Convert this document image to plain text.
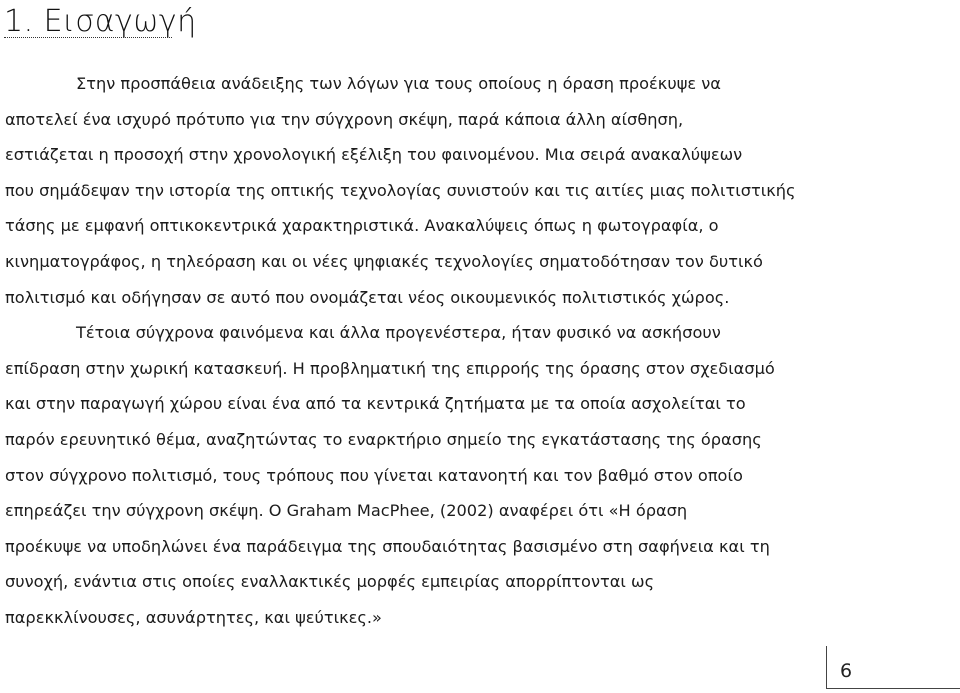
1. Εισαγωγή
Στην προσπάθεια ανάδειξης των λόγων για τους οποίους η όραση προέκυψε να
αποτελεί ένα ισχυρό πρότυπο για την σύγχρονη σκέψη, παρά κάποια άλλη αίσθηση,
εστιάζεται η προσοχή στην χρονολογική εξέλιξη του φαινομένου. Μια σειρά ανακαλύψεων
που σημάδεψαν την ιστορία της οπτικής τεχνολογίας συνιστούν και τις αιτίες μιας πολιτιστικής
τάσης με εμφανή οπτικοκεντρικά χαρακτηριστικά. Ανακαλύψεις όπως η φωτογραφία, ο
κινηματογράφος, η τηλεόραση και οι νέες ψηφιακές τεχνολογίες σηματοδότησαν τον δυτικό
πολιτισμό και οδήγησαν σε αυτό που ονομάζεται νέος οικουμενικός πολιτιστικός χώρος.
Τέτοια σύγχρονα φαινόμενα και άλλα προγενέστερα, ήταν φυσικό να ασκήσουν
επίδραση στην χωρική κατασκευή. Η προβληματική της επιρροής της όρασης στον σχεδιασμό
και στην παραγωγή χώρου είναι ένα από τα κεντρικά ζητήματα με τα οποία ασχολείται το
παρόν ερευνητικό θέμα, αναζητώντας το εναρκτήριο σημείο της εγκατάστασης της όρασης
στον σύγχρονο πολιτισμό, τους τρόπους που γίνεται κατανοητή και τον βαθμό στον οποίο
επηρεάζει την σύγχρονη σκέψη. Ο Graham MacPhee, (2002) αναφέρει ότι «Η όραση
προέκυψε να υποδηλώνει ένα παράδειγμα της σπουδαιότητας βασισμένο στη σαφήνεια και τη
συνοχή, ενάντια στις οποίες εναλλακτικές μορφές εμπειρίας απορρίπτονται ως
παρεκκλίνουσες, ασυνάρτητες, και ψεύτικες.»
6
